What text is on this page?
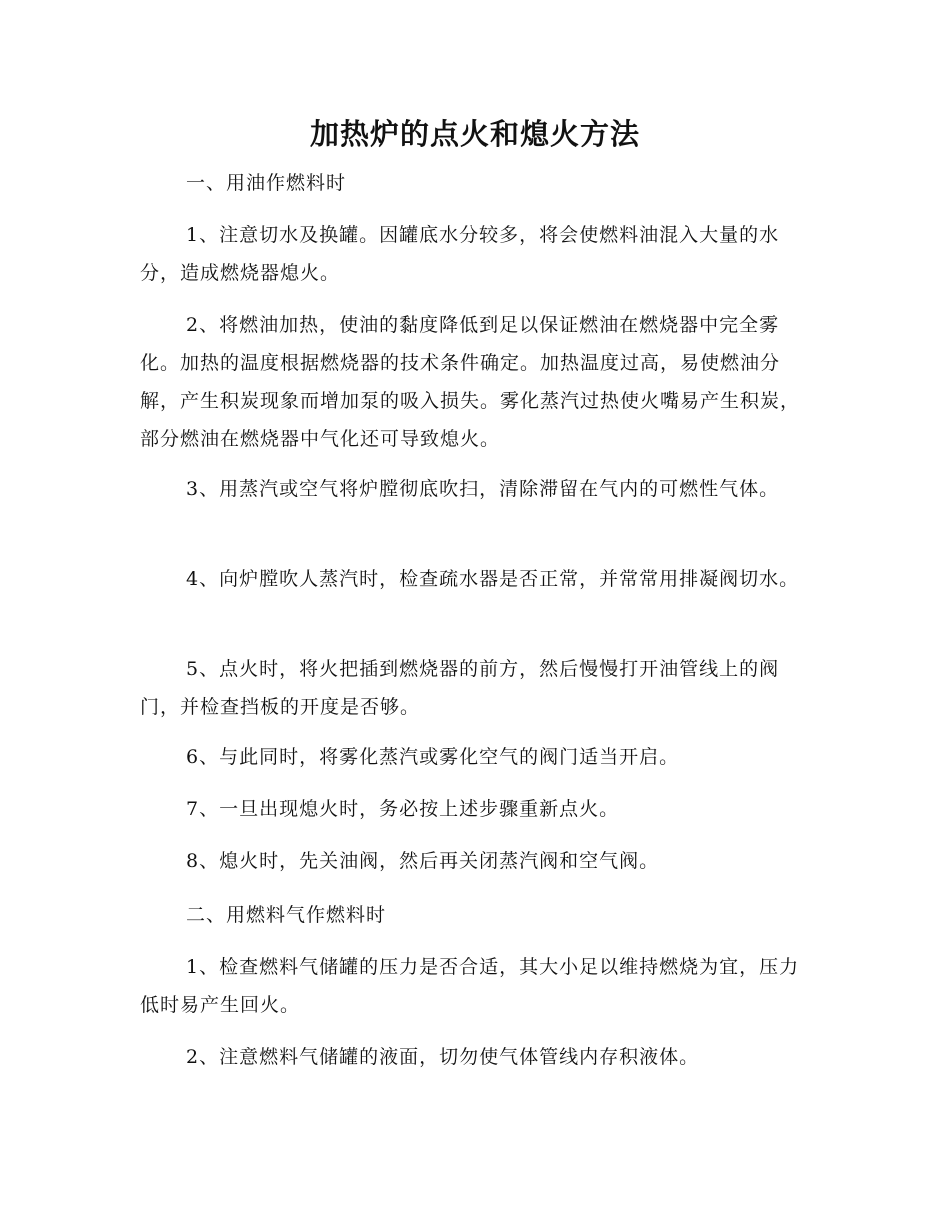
加热炉的点火和熄火方法
一、用油作燃料时
1、注意切水及换罐。因罐底水分较多，将会使燃料油混入大量的水分，造成燃烧器熄火。
2、将燃油加热，使油的黏度降低到足以保证燃油在燃烧器中完全雾化。加热的温度根据燃烧器的技术条件确定。加热温度过高，易使燃油分解，产生积炭现象而增加泵的吸入损失。雾化蒸汽过热使火嘴易产生积炭，部分燃油在燃烧器中气化还可导致熄火。
3、用蒸汽或空气将炉膛彻底吹扫，清除滞留在气内的可燃性气体。
4、向炉膛吹人蒸汽时，检查疏水器是否正常，并常常用排凝阀切水。
5、点火时，将火把插到燃烧器的前方，然后慢慢打开油管线上的阀门，并检查挡板的开度是否够。
6、与此同时，将雾化蒸汽或雾化空气的阀门适当开启。
7、一旦出现熄火时，务必按上述步骤重新点火。
8、熄火时，先关油阀，然后再关闭蒸汽阀和空气阀。
二、用燃料气作燃料时
1、检查燃料气储罐的压力是否合适，其大小足以维持燃烧为宜，压力低时易产生回火。
2、注意燃料气储罐的液面，切勿使气体管线内存积液体。
